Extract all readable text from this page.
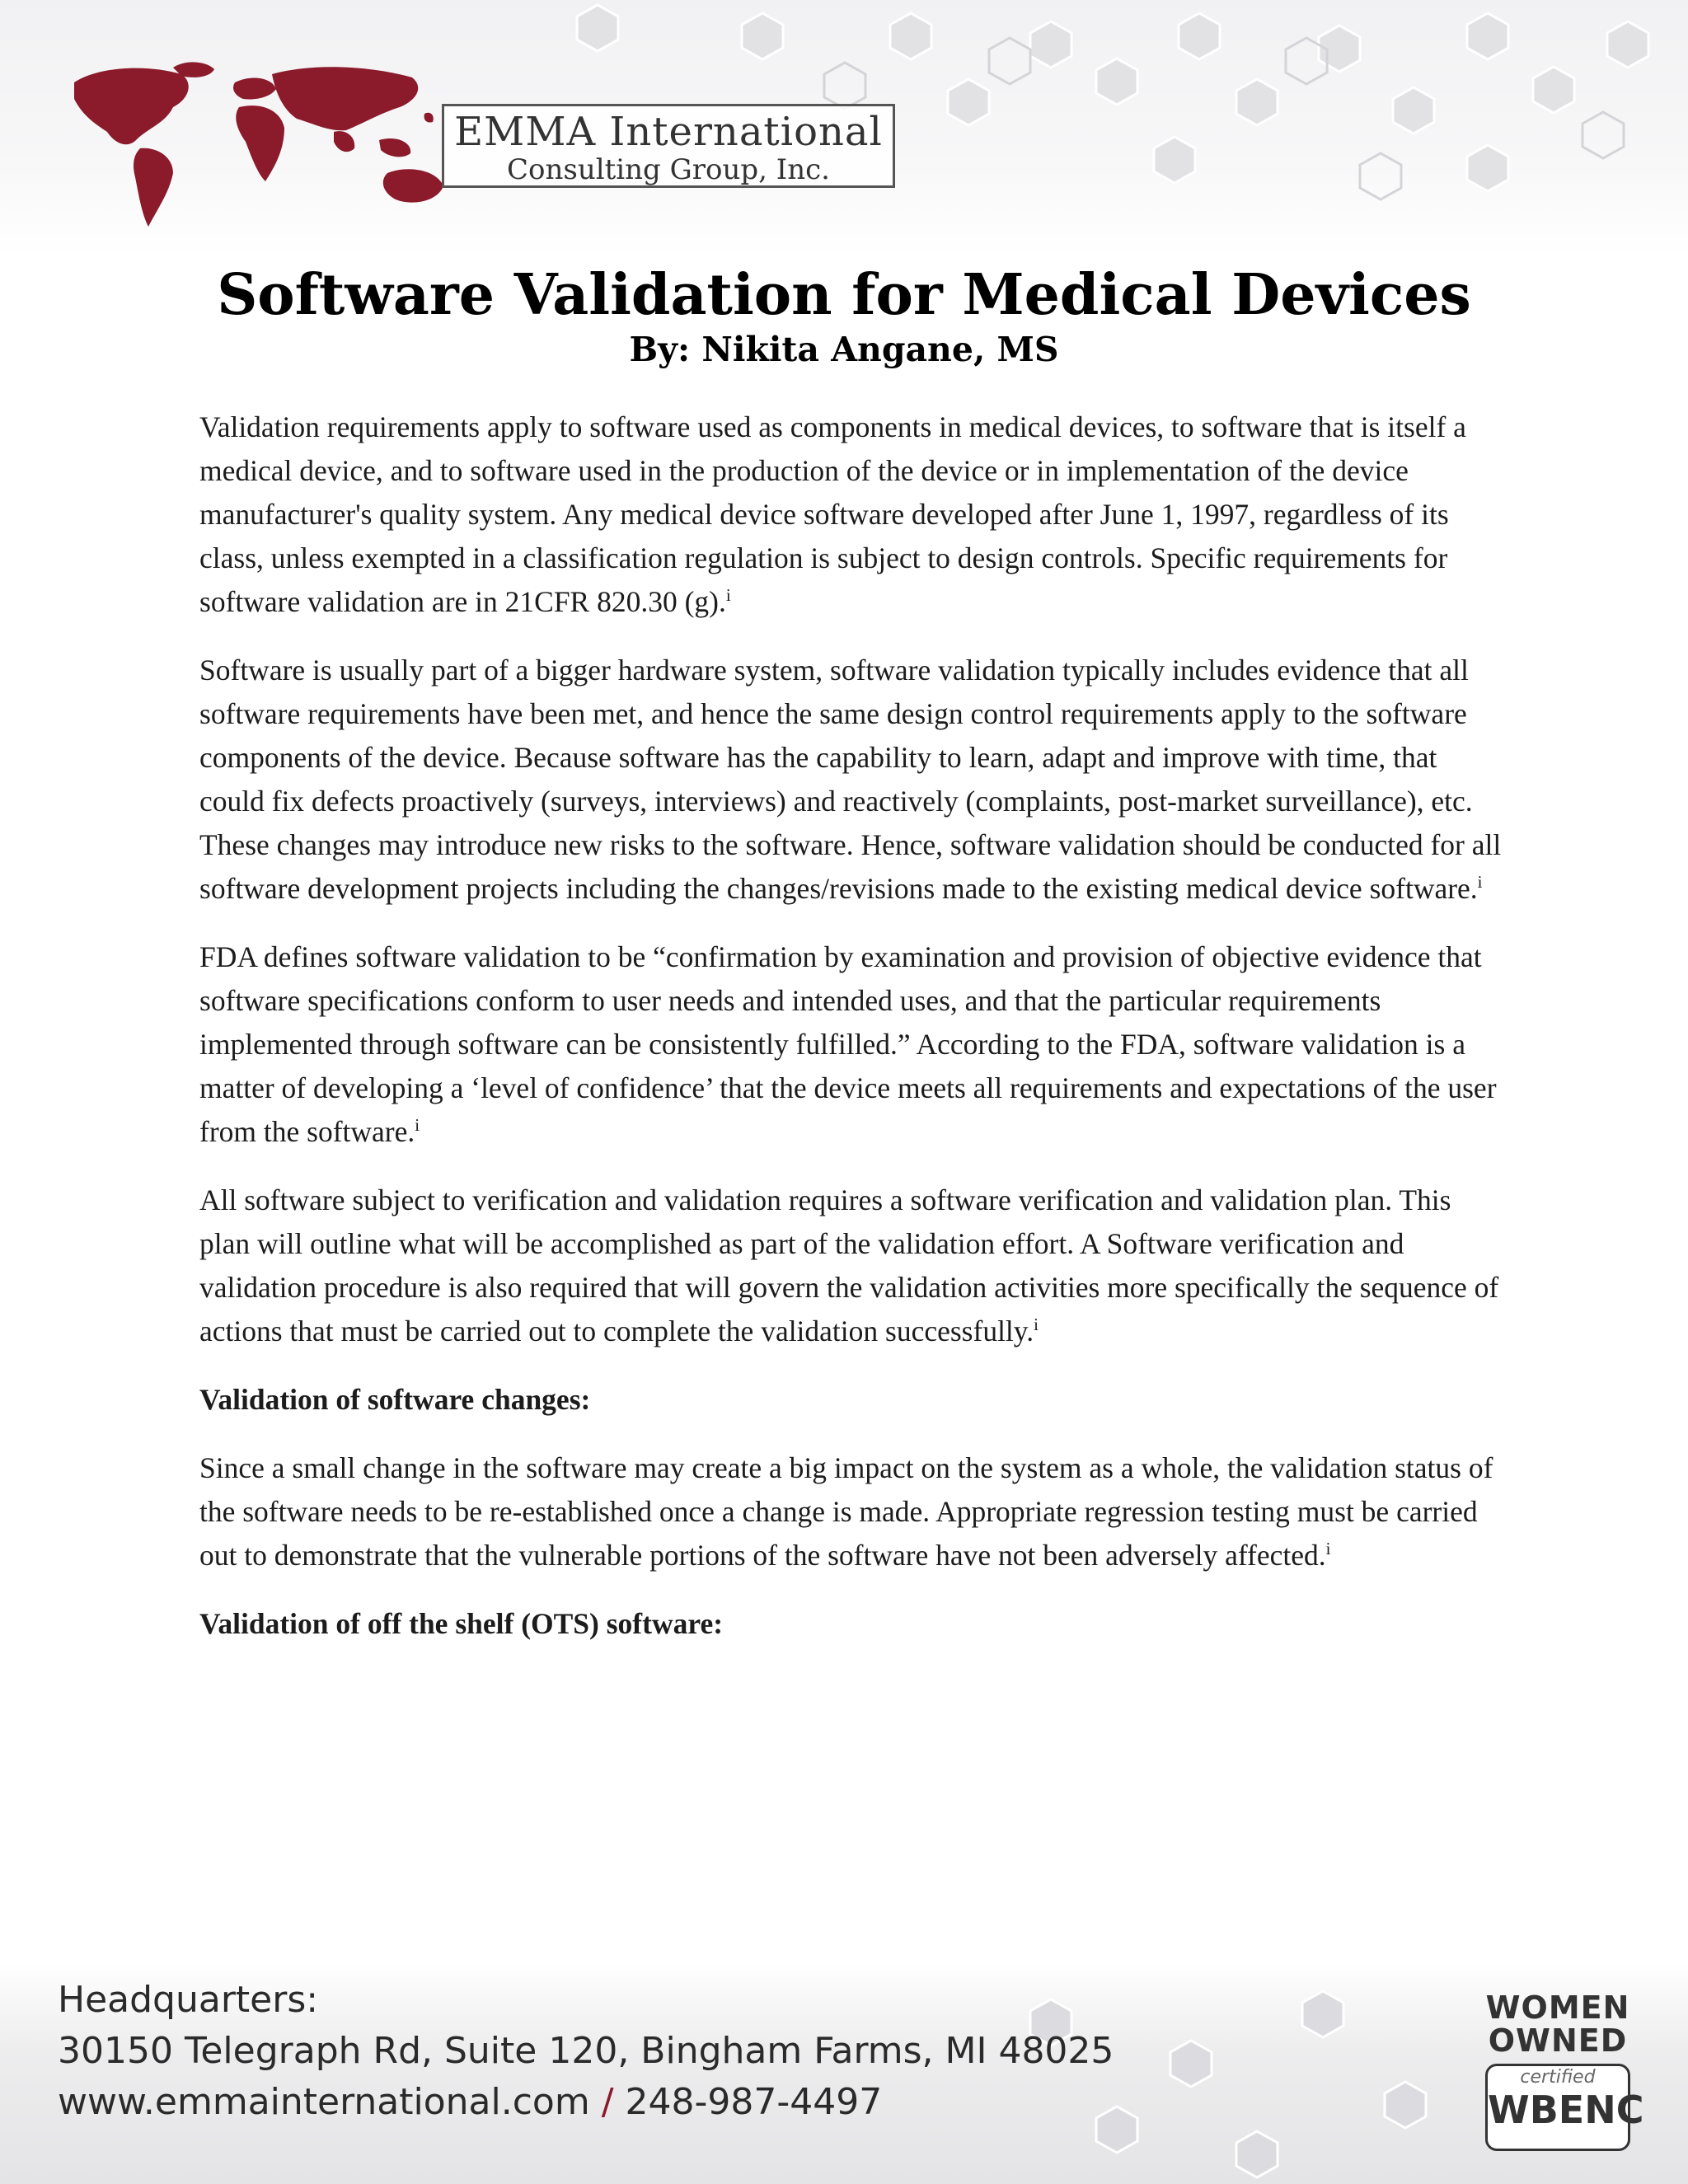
EMMA International
Consulting Group, Inc.
Software Validation for Medical Devices
By: Nikita Angane, MS

Validation requirements apply to software used as components in medical devices, to software that is itself a medical device, and to software used in the production of the device or in implementation of the device manufacturer's quality system. Any medical device software developed after June 1, 1997, regardless of its class, unless exempted in a classification regulation is subject to design controls. Specific requirements for software validation are in 21CFR 820.30 (g).$^i$

Software is usually part of a bigger hardware system, software validation typically includes evidence that all software requirements have been met, and hence the same design control requirements apply to the software components of the device. Because software has the capability to learn, adapt and improve with time, that could fix defects proactively (surveys, interviews) and reactively (complaints, post-market surveillance), etc. These changes may introduce new risks to the software. Hence, software validation should be conducted for all software development projects including the changes/revisions made to the existing medical device software.$^i$

FDA defines software validation to be “confirmation by examination and provision of objective evidence that software specifications conform to user needs and intended uses, and that the particular requirements implemented through software can be consistently fulfilled.” According to the FDA, software validation is a matter of developing a ‘level of confidence’ that the device meets all requirements and expectations of the user from the software.$^i$

All software subject to verification and validation requires a software verification and validation plan. This plan will outline what will be accomplished as part of the validation effort. A Software verification and validation procedure is also required that will govern the validation activities more specifically the sequence of actions that must be carried out to complete the validation successfully.$^i$

Validation of software changes:

Since a small change in the software may create a big impact on the system as a whole, the validation status of the software needs to be re-established once a change is made. Appropriate regression testing must be carried out to demonstrate that the vulnerable portions of the software have not been adversely affected.$^i$

Validation of off the shelf (OTS) software:

Headquarters:
30150 Telegraph Rd, Suite 120, Bingham Farms, MI 48025
www.emmainternational.com / 248-987-4497
WOMEN
OWNED
certified
WBENC
